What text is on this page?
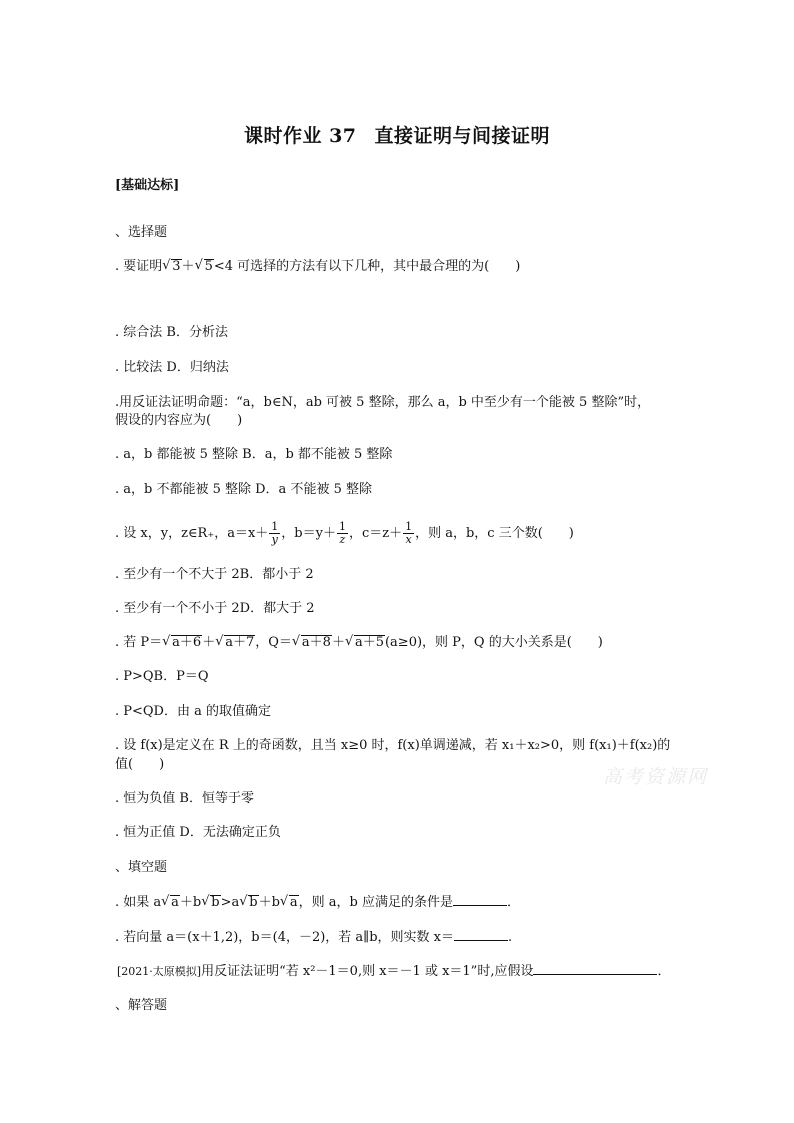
课时作业 37 直接证明与间接证明
[基础达标]
、选择题
. 要证明 √ 3＋ √ 5<4 可选择的方法有以下几种，其中最合理的为(　　)
. 综合法 B．分析法
. 比较法 D．归纳法
.用反证法证明命题：“a，b∈N，ab 可被 5 整除，那么 a，b 中至少有一个能被 5 整除”时，
假设的内容应为(　　)
. a，b 都能被 5 整除 B．a，b 都不能被 5 整除
. a，b 不都能被 5 整除 D．a 不能被 5 整除
. 设 x，y，z∈R₊，$a=x+ \frac{1}{y}$ ，$b=y+ \frac{1}{z}$ ，$c=z+ \frac{1}{x}$ ，则 a，b，c 三个数(　　)
. 至少有一个不大于 2B．都小于 2
. 至少有一个不小于 2D．都大于 2
. 若 P＝ √ a＋6＋ √ a＋7，Q＝ √ a＋8＋ √ a＋5(a≥0)，则 P，Q 的大小关系是(　　)
. P>QB．P＝Q
. P<QD．由 a 的取值确定
. 设 f(x)是定义在 R 上的奇函数，且当 x≥0 时，f(x)单调递减，若 x₁＋x₂>0，则 f(x₁)＋f(x₂)的
值(　　)
. 恒为负值 B．恒等于零
. 恒为正值 D．无法确定正负
、填空题
. 如果 a √ a＋b √ b>a √ b＋b √ a，则 a，b 应满足的条件是	．
. 若向量 a＝(x＋1,2)，b＝(4，－2)，若 a∥b，则实数 x＝	.
[2021·太原模拟]用反证法证明“若 x²－1＝0,则 x＝－1 或 x＝1”时,应假设	．
、解答题
高考资源网
